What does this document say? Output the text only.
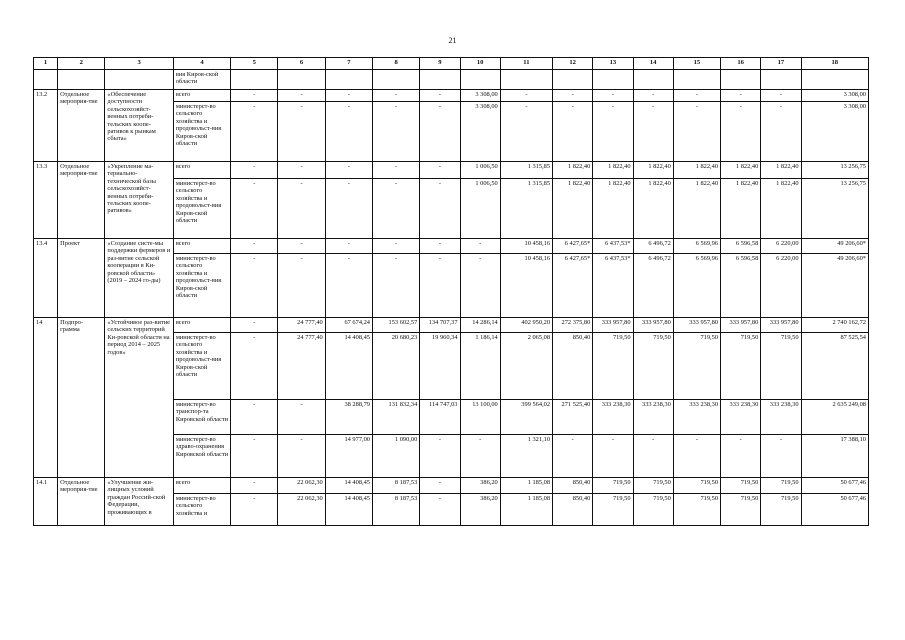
21
1	2	3	4	5	6	7	8	9	10	11	12	13	14	15	16	17	18
			вия Киров-ской области														
13.2	Отдельное мероприя-тие	«Обеспечение доступности сельскохозяйст-венных потреби-тельских коопе-ративов к рынкам сбыта»	всего	-	-	-	-	-	3 308,00	-	-	-	-	-	-	-	3 308,00
			министерст-во сельского хозяйства и продовольст-вия Киров-ской области	-	-	-	-	-	3 308,00	-	-	-	-	-	-	-	3 308,00
13.3	Отдельное мероприя-тие	«Укрепление ма-териально-технической базы сельскохозяйст-венных потреби-тельских коопе-ративов»	всего	-	-	-	-	-	1 006,50	1 315,85	1 822,40	1 822,40	1 822,40	1 822,40	1 822,40	1 822,40	13 256,75
			министерст-во сельского хозяйства и продовольст-вия Киров-ской области	-	-	-	-	-	1 006,50	1 315,85	1 822,40	1 822,40	1 822,40	1 822,40	1 822,40	1 822,40	13 256,75
13.4	Проект	«Создание систе-мы поддержки фермеров и раз-витие сельской кооперации в Ки-ровской области» (2019 – 2024 го-ды)	всего	-	-	-	-	-	-	10 458,16	6 427,65*	6 437,53*	6 496,72	6 569,96	6 596,58	6 220,00	49 206,60*
			министерст-во сельского хозяйства и продовольст-вия Киров-ской области	-	-	-	-	-	-	10 458,16	6 427,65*	6 437,53*	6 496,72	6 569,96	6 596,58	6 220,00	49 206,60*
14	Подпро-грамма	«Устойчивое раз-витие сельских территорий Ки-ровской области на период 2014 – 2025 годов»	всего	-	24 777,40	67 674,24	153 602,57	134 707,37	14 286,14	402 950,20	272 375,80	333 957,80	333 957,80	333 957,80	333 957,80	333 957,80	2 740 162,72
			министерст-во сельского хозяйства и продовольст-вия Киров-ской области	-	24 777,40	14 408,45	20 680,23	19 960,34	1 186,14	2 065,08	850,40	719,50	719,50	719,50	719,50	719,50	87 525,54
			министерст-во транспор-та Кировской области	-	-	38 288,79	131 832,34	114 747,03	13 100,00	399 564,02	271 525,40	333 238,30	333 238,30	333 238,30	333 238,30	333 238,30	2 635 249,08
			министерст-во здраво-охранения Кировской области	-	-	14 977,00	1 090,00	-	-	1 321,10	-	-	-	-	-	-	17 388,10
14.1	Отдельное мероприя-тие	«Улучшение жи-лищных условий граждан Россий-ской Федерации, проживающих в	всего	-	22 062,30	14 408,45	8 187,53	-	386,20	1 185,08	850,40	719,50	719,50	719,50	719,50	719,50	50 677,46
			министерст-во сельского хозяйства и	-	22 062,30	14 408,45	8 187,53	-	386,20	1 185,08	850,40	719,50	719,50	719,50	719,50	719,50	50 677,46
